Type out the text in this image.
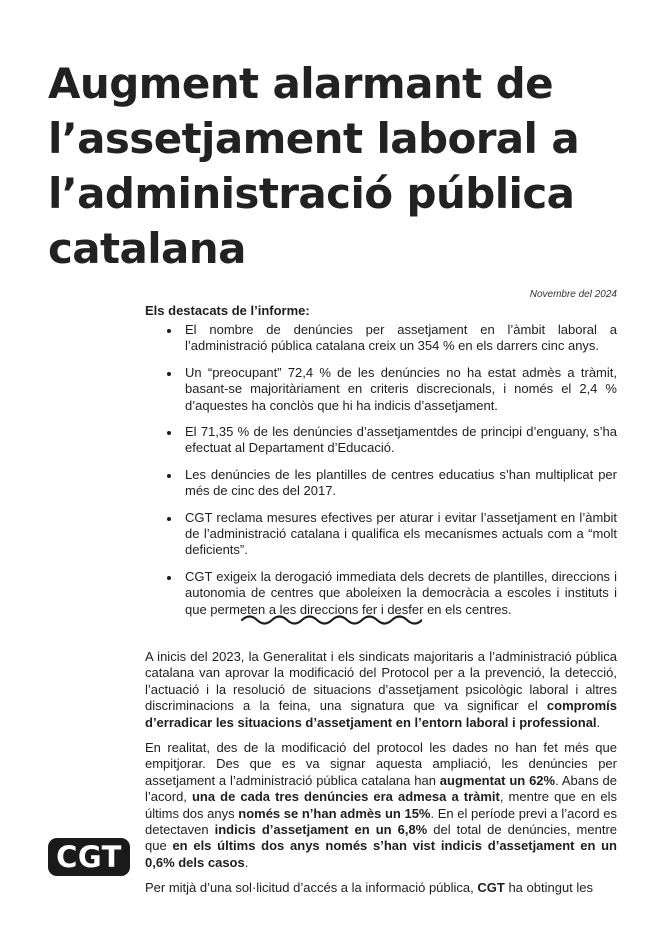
Augment alarmant de l’assetjament laboral a l’administració pública catalana
Novembre del 2024
Els destacats de l’informe:
El nombre de denúncies per assetjament en l’àmbit laboral a l’administració pública catalana creix un 354 % en els darrers cinc anys.
Un “preocupant” 72,4 % de les denúncies no ha estat admès a tràmit, basant-se majoritàriament en criteris discrecionals, i només el 2,4 % d’aquestes ha conclòs que hi ha indicis d’assetjament.
El 71,35 % de les denúncies d’assetjamentdes de principi d’enguany, s’ha efectuat al Departament d’Educació.
Les denúncies de les plantilles de centres educatius s’han multiplicat per més de cinc des del 2017.
CGT reclama mesures efectives per aturar i evitar l’assetjament en l’àmbit de l’administració catalana i qualifica els mecanismes actuals com a “molt deficients”.
CGT exigeix la derogació immediata dels decrets de plantilles, direccions i autonomia de centres que aboleixen la democràcia a escoles i instituts i que permeten a les direccions fer i desfer en els centres.

A inicis del 2023, la Generalitat i els sindicats majoritaris a l’administració pública catalana van aprovar la modificació del Protocol per a la prevenció, la detecció, l’actuació i la resolució de situacions d’assetjament psicològic laboral i altres discriminacions a la feina, una signatura que va significar el compromís d’erradicar les situacions d’assetjament en l’entorn laboral i professional.

En realitat, des de la modificació del protocol les dades no han fet més que empitjorar. Des que es va signar aquesta ampliació, les denúncies per assetjament a l’administració pública catalana han augmentat un 62%. Abans de l’acord, una de cada tres denúncies era admesa a tràmit, mentre que en els últims dos anys només se n’han admès un 15%. En el període previ a l’acord es detectaven indicis d’assetjament en un 6,8% del total de denúncies, mentre que en els últims dos anys només s’han vist indicis d’assetjament en un 0,6% dels casos.

Per mitjà d’una sol·licitud d’accés a la informació pública, CGT ha obtingut les

CGT
